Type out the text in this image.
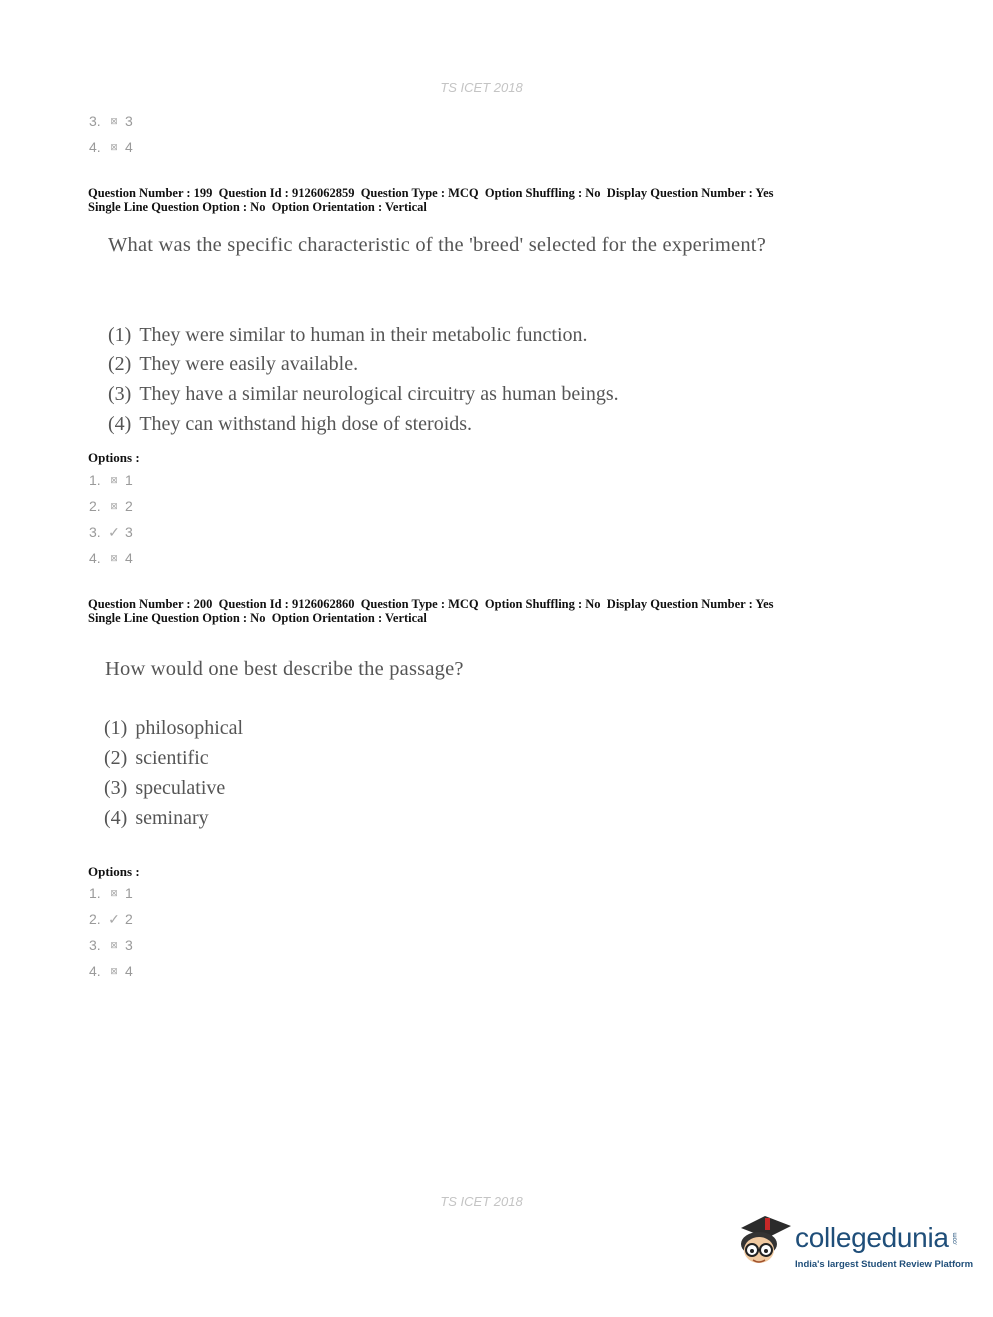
TS ICET 2018
3.	⊠ 3
4.	⊠ 4
Question Number : 199  Question Id : 9126062859  Question Type : MCQ  Option Shuffling : No  Display Question Number : Yes
Single Line Question Option : No  Option Orientation : Vertical
What was the specific characteristic of the 'breed' selected for the experiment?
(1) They were similar to human in their metabolic function.
(2) They were easily available.
(3) They have a similar neurological circuitry as human beings.
(4) They can withstand high dose of steroids.
Options :
1.	⊠ 1
2.	⊠ 2
3. ✓ 3
4.	⊠ 4
Question Number : 200  Question Id : 9126062860  Question Type : MCQ  Option Shuffling : No  Display Question Number : Yes
Single Line Question Option : No  Option Orientation : Vertical
How would one best describe the passage?
(1) philosophical
(2) scientific
(3) speculative
(4) seminary
Options :
1.	⊠ 1
2. ✓ 2
3.	⊠ 3
4.	⊠ 4
TS ICET 2018
collegedunia .com
India's largest Student Review Platform
